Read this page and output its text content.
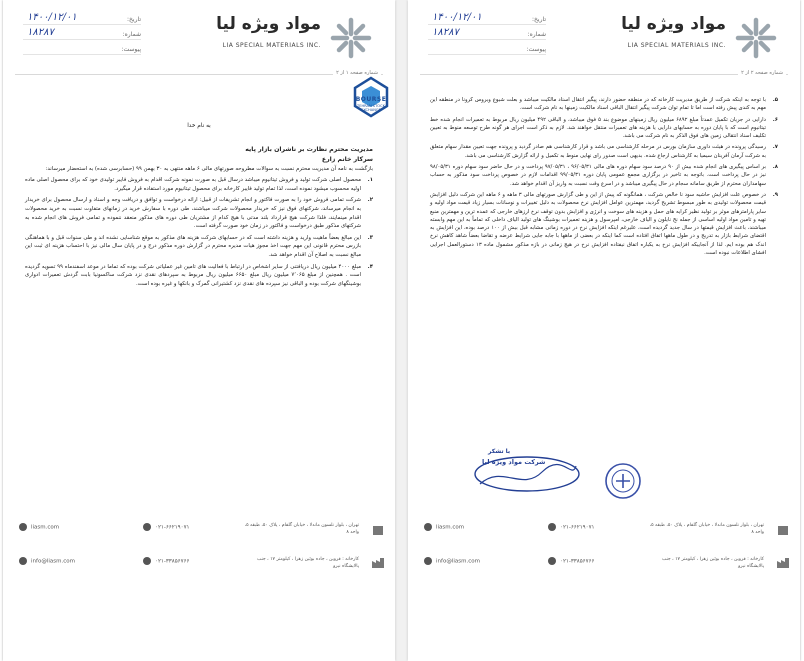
مواد ویژه لیا
LIA SPECIAL MATERIALS INC.
تاریخ:
۱۴۰۰/۱۲/۰۱
شماره:
۱۸۲۸۷
پیوست:
شماره صفحه ۱ از ۲
BOURSE
TEHRAN STOCK EXCHANGE
به نام خدا
مدیریت محترم نظارت بر ناشران بازار پایه
سرکار خانم زارع

بازگشت به نامه آن مدیریت محترم نسبت به سوالات مطروحه صورتهای مالی ۶ ماهه منتهی به ۳۰ بهمن ۹۹ (حسابرسی شده) به استحضار میرساند:

۱.
محصول اصلی شرکت تولید و فروش تیتانیوم میباشد درسال قبل به صورت نمونه شرکت اقدام به فروش فایبر تولیدی خود که برای محصول اصلی ماده اولیه محسوب میشود نموده است، لذا تمام تولید فایبر کارخانه برای محصول تیتانیوم مورد استفاده قرار میگیرد.
۲.
شرکت تمامی فروش خود را به صورت فاکتور و انجام تشریفات از قبیل: ارائه درخواست و توافق و دریافت وجه و اسناد و ارسال محصول برای خریدار به انجام میرساند، شرکتهای فوق نیز که خریدار محصولات شرکت میباشند، طی دوره با سفارش خرید در زمانهای متفاوت نسبت به خرید محصولات اقدام مینمایند، فلذا شرکت هیچ قرارداد بلند مدتی با هیچ کدام از مشتریان طی دوره های مذکور منعقد ننموده و تمامی فروش های انجام شده به شرکتهای مذکور طبق درخواست و فاکتور در زمان خود صورت گرفته است.
۳.
این مبالغ بعضاً ماهیت وارید و هزینه داشته است که در حسابهای شرکت هزینه های مذکور به موقع شناسایی نشده اند و طی سنوات قبل و با هماهنگی بازرس محترم قانونی این مهم جهت اخذ مجوز هیات مدیره محترم در گزارش دوره مذکور درج و در پایان سال مالی نیز با احتساب هزینه ای ثبت این مبالغ نسبت به اصلاح آن اقدام خواهد شد.
۴.
مبلغ ۴۰۰۰ میلیون ریال دریافتنی از سایر اشخاص در ارتباط با فعالیت های تامین غیر عملیاتی شرکت بوده که تماما در موعد اسفندماه ۹۹ تسویه گردیده است . همچنین از مبلغ ۷٬۰۶۵ میلیون ریال مبلغ ۶۶۵۰ میلیون ریال مربوط به سپردهای نقدی نزد شرکت ساکسونیا بابت گردش تعمیرات ادواری بوشینگهای شرکت بوده و الباقی نیز سپرده های نقدی نزد کشتیرانی گمرک و بانکها و غیره بوده است.
liasm.com	۰۲۱-۶۶۲۱۹۰۷۱	تهران ، بلوار نلسون ماندلا ، خیابان گلفام ، پلاک ۵۰، طبقه ۵، واحد ۸
info@liasm.com	۰۲۱-۳۳۸۵۶۷۶۶	کارخانه : قزوین ، جاده بوئین زهرا ، کیلومتر ۱۷ ، جنب پالایشگاه نیرو
مواد ویژه لیا
LIA SPECIAL MATERIALS INC.
تاریخ:
۱۴۰۰/۱۲/۰۱
شماره:
۱۸۲۸۷
پیوست:
شماره صفحه ۲ از ۲
۵.
با توجه به اینکه شرکت از طریق مدیریت کارخانه که در منطقه حضور دارند، پیگیر انتقال اسناد مالکیت میباشد و بعلت شیوع ویروس کرونا در منطقه این مهم به کندی پیش رفته است اما تا تمام توان شرکت پیگیر انتقال الباقی اسناد مالکیت زمینها به نام شرکت است.
۶.
دارایی در جریان تکمیل عمدتاً مبلغ ۶۸۹۲ میلیون ریال زمینهای موضوع بند ۵ فوق میباشد، و الباقی ۴۹۲ میلیون ریال مربوط به تعمیرات انجام شده خط تیتانیوم است که با پایان دوره به حسابهای دارایی یا هزینه های تعمیرات منتقل خواهند شد. لازم به ذکر است اجرای هر گونه طرح توسعه منوط به تعیین تکلیف اسناد انتقالی زمین های فوق الذکر به نام شرکت می باشد.
۷.
رسیدگی پرونده در هیئت داوری سازمان بورس در مرحله کارشناسی می باشد و قرار کارشناسی هم صادر گردید و پرونده جهت تعیین مقدار سهام متعلق به شرکت آرمان آفرینان سیمیا به کارشناس ارجاع شده. بدیهی است صدور رای نهایی منوط به تکمیل و ارائه گزارش کارشناسی می باشد.
۸.
بر اساس پیگیری های انجام شده بیش از ۹۰ درصد سود سهام دوره های مالی ۹۶/۰۵/۳۱ ، ۹۷/۰۵/۳۱ پرداخت و در حال حاضر سود سهام دوره ۹۸/۰۵/۳۱ نیز در حال پرداخت است. باتوجه به تاخیر در برگزاری مجمع عمومی پایان دوره ۹۹/۰۵/۳۱ اقدامات لازم در خصوص پرداخت سود مذکور به حساب سهامداران محترم از طریق سامانه سجام در حال پیگیری میباشد و در اسرع وقت نسبت به واریز آن اقدام خواهد شد.
۹.
در خصوص علت افزایش حاشیه سود نا خالص شرکت ، همانگونه که پیش از این و طی گزارش صورتهای مالی ۳ ماهه و ۶ ماهه این شرکت دلیل افزایش قیمت محصولات تولیدی به طور مبسوط تشریح گردید، مهمترین عوامل افزایش نرخ محصولات به دلیل تغییرات و نوسانات بسیار زیاد قیمت مواد اولیه و سایر پارامترهای موثر بر تولید نظیر کرایه های حمل و هزینه های سوخت و انرژی و افزایش بدون توقف نرخ ارزهای خارجی که عمده ترین و مهمترین منبع تهیه و تامین مواد اولیه اساسی از جمله نخ نایلون و الیاف خارجی، امپرسول و هزینه تعمیرات بوشینگ های تولید الیاف داخلی که تماماً به این مهم وابسته میباشند، باعث افزایش قیمتها در سال جدید گردیده است، علیرغم اینکه افزایش نرخ در دوره زمانی مشابه قبل بیش از ۱۰۰ درصد بوده، این افزایش به اقتضای شرایط بازار به تدریج و در طول ماهها اتفاق افتاده است کما اینکه در بعضی از ماهها با جابه جایی شرایط عرضه و تقاضا بعضاً شاهد کاهش نرخ اندک هم بوده ایم. لذا از آنجاییکه افزایش نرخ به یکباره اتفاق نیفتاده افزایش نرخ در هیچ زمانی در بازه مذکور مشمول ماده ۱۳ دستورالعمل اجرایی افشای اطلاعات نبوده است.
با تشکر
شرکت مواد ویژه لیا
liasm.com	۰۲۱-۶۶۲۱۹۰۷۱	تهران ، بلوار نلسون ماندلا ، خیابان گلفام ، پلاک ۵۰، طبقه ۵، واحد ۸
info@liasm.com	۰۲۱-۳۳۸۵۶۷۶۶	کارخانه : قزوین ، جاده بوئین زهرا ، کیلومتر ۱۷ ، جنب پالایشگاه نیرو
